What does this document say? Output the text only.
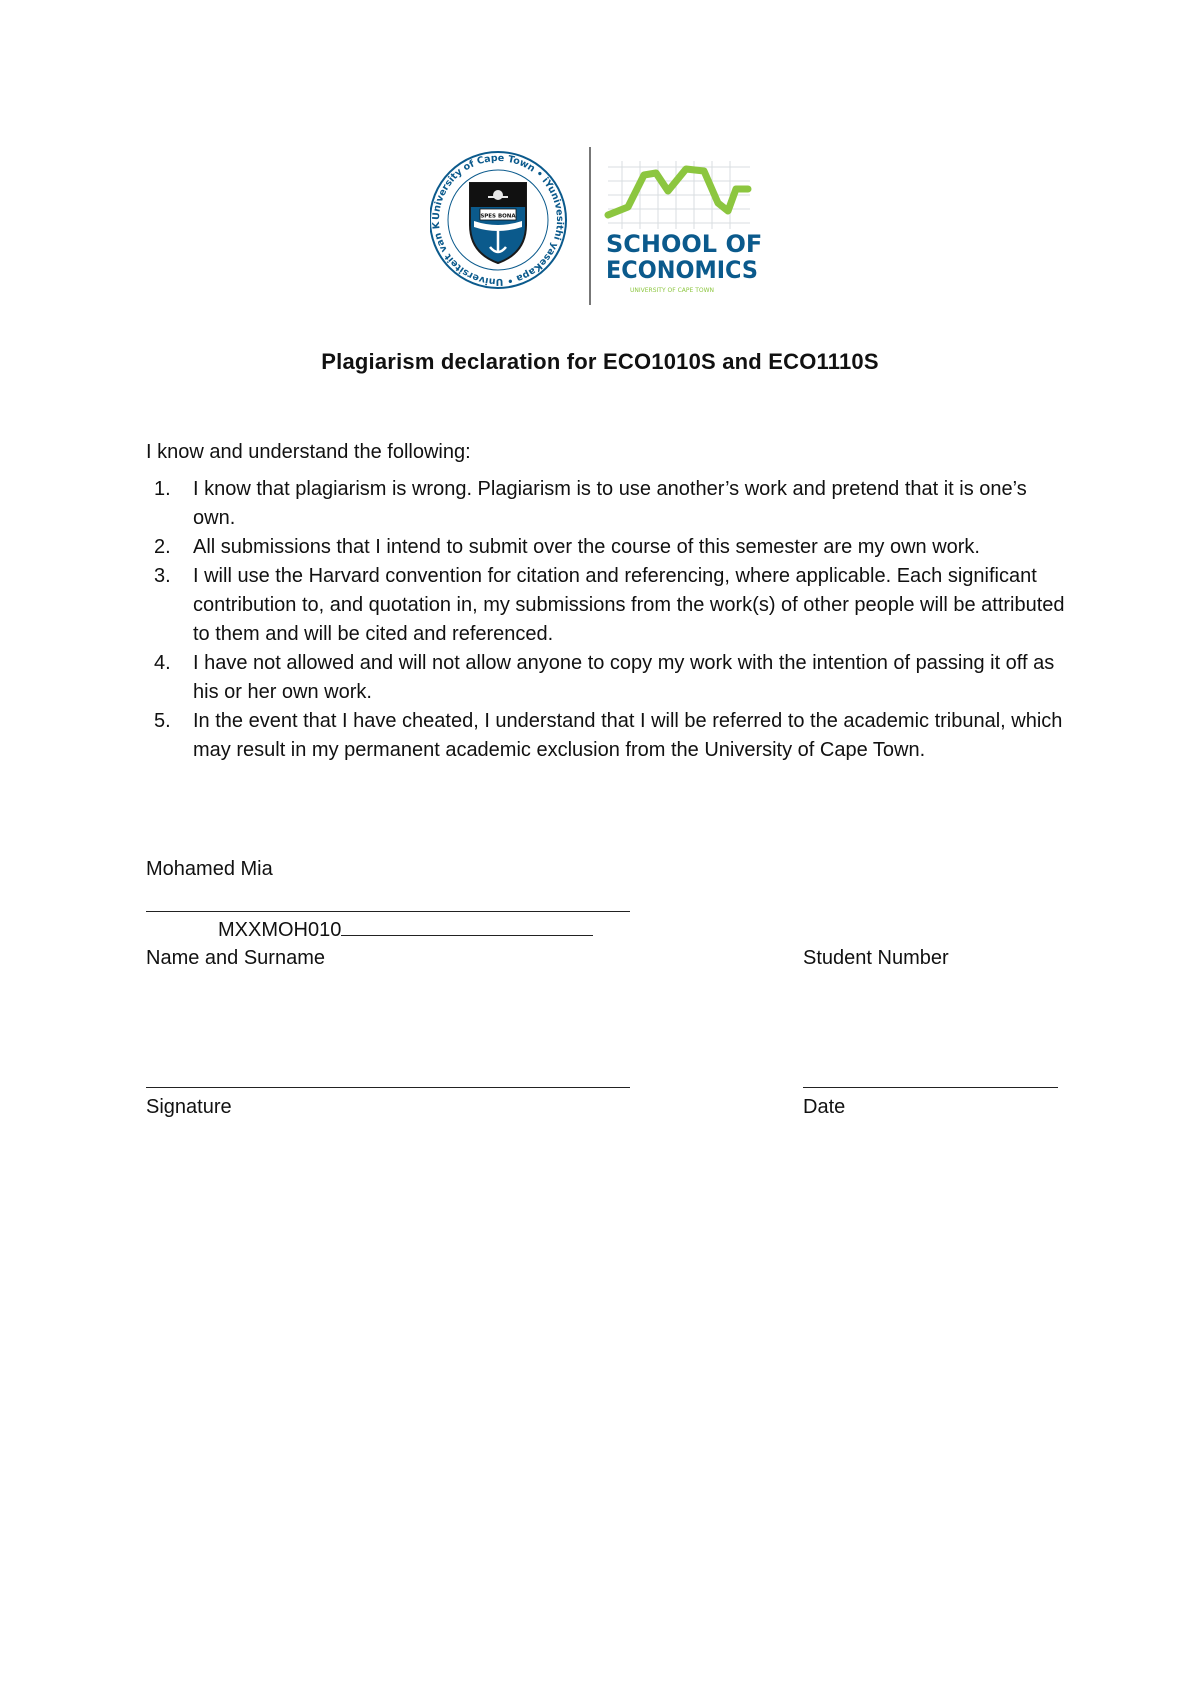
University of Cape Town • iYunivesithi yaseKapa • Universiteit van K
SPES BONA
SCHOOL OF
ECONOMICS
UNIVERSITY OF CAPE TOWN
Plagiarism declaration for ECO1010S and ECO1110S
I know and understand the following:
1. I know that plagiarism is wrong. Plagiarism is to use another’s work and pretend that it is one’s own.
2. All submissions that I intend to submit over the course of this semester are my own work.
3. I will use the Harvard convention for citation and referencing, where applicable. Each significant contribution to, and quotation in, my submissions from the work(s) of other people will be attributed to them and will be cited and referenced.
4. I have not allowed and will not allow anyone to copy my work with the intention of passing it off as his or her own work.
5. In the event that I have cheated, I understand that I will be referred to the academic tribunal, which may result in my permanent academic exclusion from the University of Cape Town.
Mohamed Mia
MXXMOH010
Name and Surname	Student Number
Signature	Date
